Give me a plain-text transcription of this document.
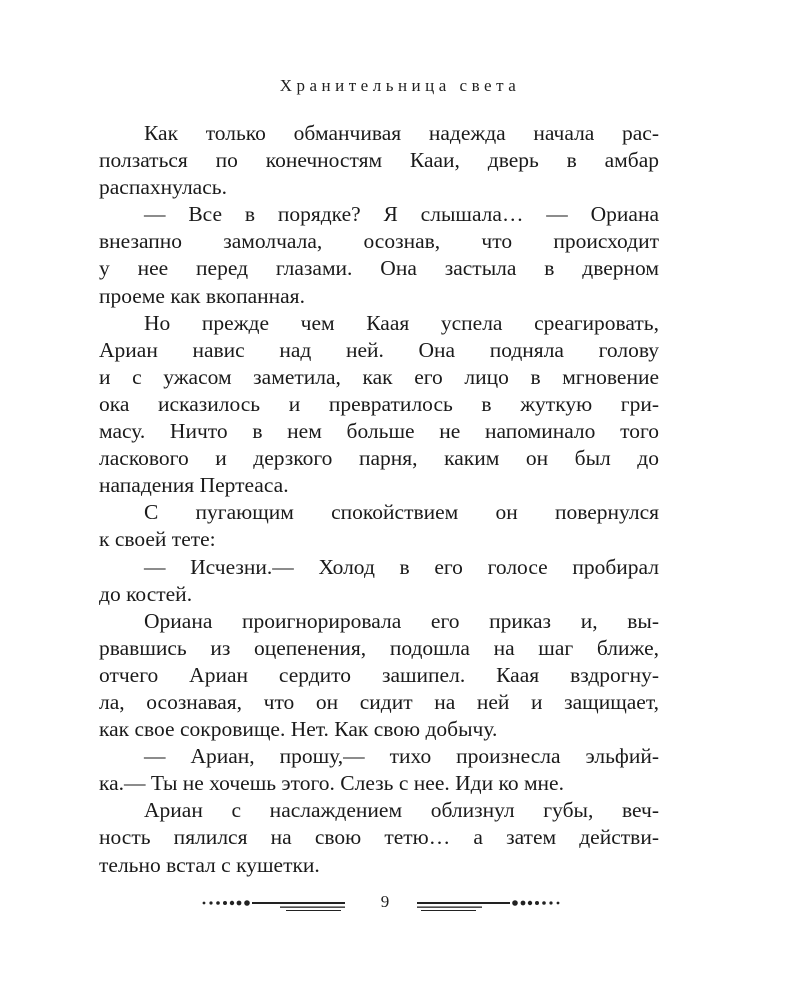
Хранительница света
Как только обманчивая надежда начала рас-
ползаться по конечностям Кааи, дверь в амбар
распахнулась.
— Все в порядке? Я слышала… — Ориана
внезапно замолчала, осознав, что происходит
у нее перед глазами. Она застыла в дверном
проеме как вкопанная.
Но прежде чем Каая успела среагировать,
Ариан навис над ней. Она подняла голову
и с ужасом заметила, как его лицо в мгновение
ока исказилось и превратилось в жуткую гри-
масу. Ничто в нем больше не напоминало того
ласкового и дерзкого парня, каким он был до
нападения Пертеаса.
С пугающим спокойствием он повернулся
к своей тете:
— Исчезни.— Холод в его голосе пробирал
до костей.
Ориана проигнорировала его приказ и, вы-
рвавшись из оцепенения, подошла на шаг ближе,
отчего Ариан сердито зашипел. Каая вздрогну-
ла, осознавая, что он сидит на ней и защищает,
как свое сокровище. Нет. Как свою добычу.
— Ариан, прошу,— тихо произнесла эльфий-
ка.— Ты не хочешь этого. Слезь с нее. Иди ко мне.
Ариан с наслаждением облизнул губы, веч-
ность пялился на свою тетю… а затем действи-
тельно встал с кушетки.
9
